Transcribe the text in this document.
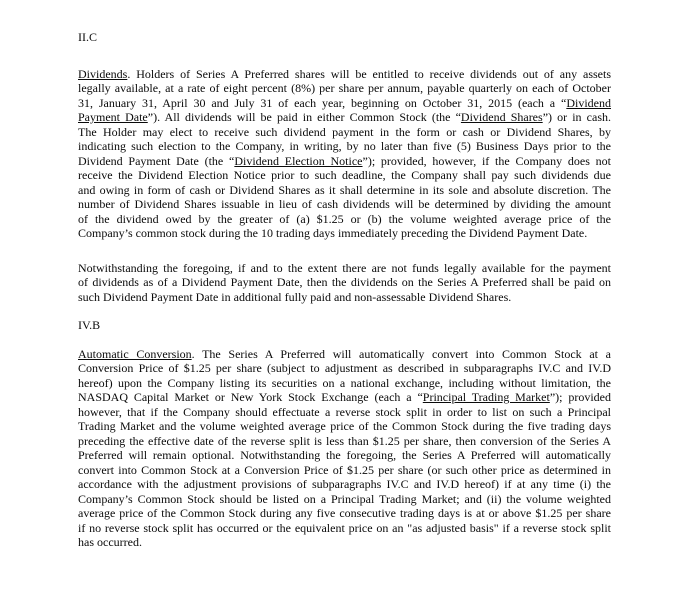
II.C
Dividends. Holders of Series A Preferred shares will be entitled to receive dividends out of any assets
legally available, at a rate of eight percent (8%) per share per annum, payable quarterly on each of October
31, January 31, April 30 and July 31 of each year, beginning on October 31, 2015 (each a “Dividend
Payment Date”). All dividends will be paid in either Common Stock (the “Dividend Shares”) or in cash.
The Holder may elect to receive such dividend payment in the form or cash or Dividend Shares, by
indicating such election to the Company, in writing, by no later than five (5) Business Days prior to the
Dividend Payment Date (the “Dividend Election Notice”); provided, however, if the Company does not
receive the Dividend Election Notice prior to such deadline, the Company shall pay such dividends due
and owing in form of cash or Dividend Shares as it shall determine in its sole and absolute discretion. The
number of Dividend Shares issuable in lieu of cash dividends will be determined by dividing the amount
of the dividend owed by the greater of (a) $1.25 or (b) the volume weighted average price of the
Company’s common stock during the 10 trading days immediately preceding the Dividend Payment Date.
Notwithstanding the foregoing, if and to the extent there are not funds legally available for the payment
of dividends as of a Dividend Payment Date, then the dividends on the Series A Preferred shall be paid on
such Dividend Payment Date in additional fully paid and non-assessable Dividend Shares.
IV.B
Automatic Conversion. The Series A Preferred will automatically convert into Common Stock at a
Conversion Price of $1.25 per share (subject to adjustment as described in subparagraphs IV.C and IV.D
hereof) upon the Company listing its securities on a national exchange, including without limitation, the
NASDAQ Capital Market or New York Stock Exchange (each a “Principal Trading Market”); provided
however, that if the Company should effectuate a reverse stock split in order to list on such a Principal
Trading Market and the volume weighted average price of the Common Stock during the five trading days
preceding the effective date of the reverse split is less than $1.25 per share, then conversion of the Series A
Preferred will remain optional. Notwithstanding the foregoing, the Series A Preferred will automatically
convert into Common Stock at a Conversion Price of $1.25 per share (or such other price as determined in
accordance with the adjustment provisions of subparagraphs IV.C and IV.D hereof) if at any time (i) the
Company’s Common Stock should be listed on a Principal Trading Market; and (ii) the volume weighted
average price of the Common Stock during any five consecutive trading days is at or above $1.25 per share
if no reverse stock split has occurred or the equivalent price on an "as adjusted basis" if a reverse stock split
has occurred.
